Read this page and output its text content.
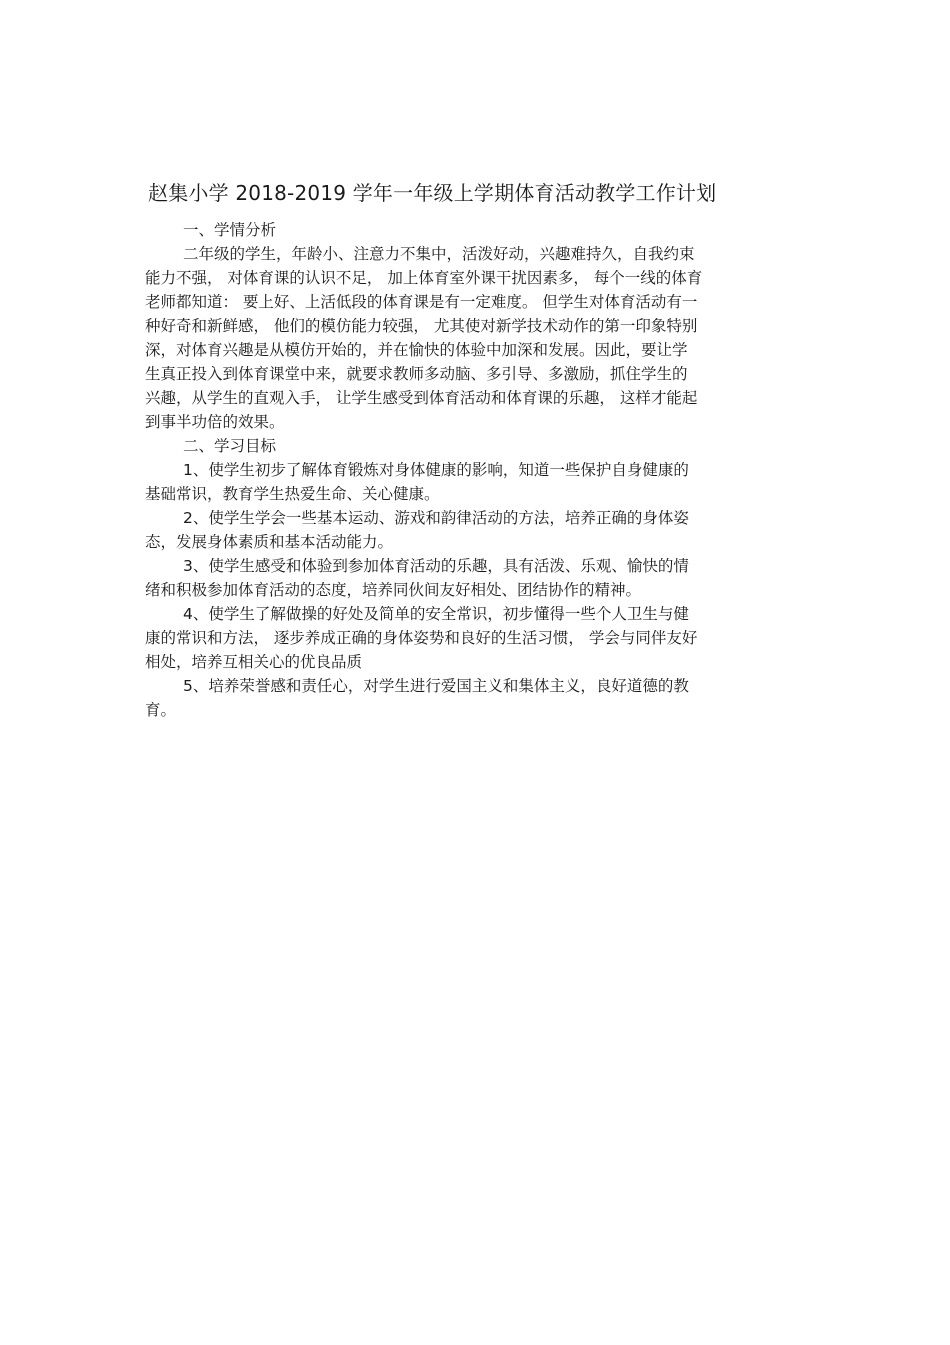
赵集小学 2018-2019 学年一年级上学期体育活动教学工作计划
一、学情分析
二年级的学生，年龄小、注意力不集中，活泼好动，兴趣难持久，自我约束
能力不强， 对体育课的认识不足， 加上体育室外课干扰因素多， 每个一线的体育
老师都知道： 要上好、上活低段的体育课是有一定难度。 但学生对体育活动有一
种好奇和新鲜感， 他们的模仿能力较强， 尤其使对新学技术动作的第一印象特别
深，对体育兴趣是从模仿开始的，并在愉快的体验中加深和发展。因此，要让学
生真正投入到体育课堂中来，就要求教师多动脑、多引导、多激励，抓住学生的
兴趣，从学生的直观入手， 让学生感受到体育活动和体育课的乐趣， 这样才能起
到事半功倍的效果。
二、学习目标
1、使学生初步了解体育锻炼对身体健康的影响，知道一些保护自身健康的
基础常识，教育学生热爱生命、关心健康。
2、使学生学会一些基本运动、游戏和韵律活动的方法，培养正确的身体姿
态，发展身体素质和基本活动能力。
3、使学生感受和体验到参加体育活动的乐趣，具有活泼、乐观、愉快的情
绪和积极参加体育活动的态度，培养同伙间友好相处、团结协作的精神。
4、使学生了解做操的好处及简单的安全常识，初步懂得一些个人卫生与健
康的常识和方法， 逐步养成正确的身体姿势和良好的生活习惯， 学会与同伴友好
相处，培养互相关心的优良品质
5、培养荣誉感和责任心，对学生进行爱国主义和集体主义，良好道德的教
育。
